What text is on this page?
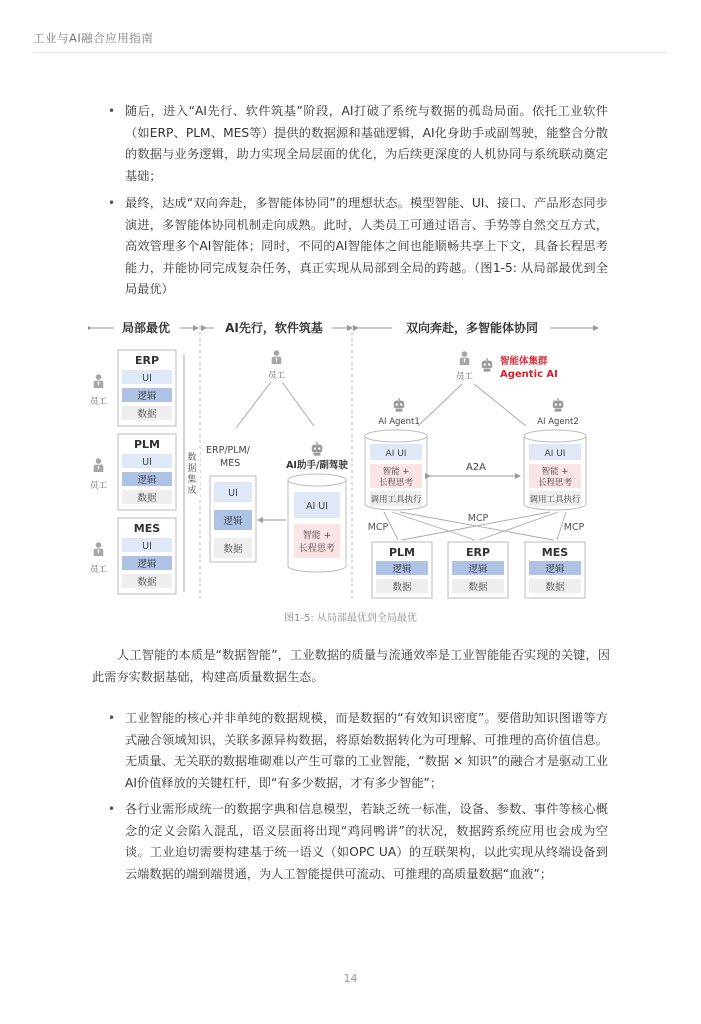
工业与AI融合应用指南

• 随后，进入“AI先行、软件筑基”阶段，AI打破了系统与数据的孤岛局面。依托工业软件（如ERP、PLM、MES等）提供的数据源和基础逻辑，AI化身助手或副驾驶，能整合分散的数据与业务逻辑，助力实现全局层面的优化，为后续更深度的人机协同与系统联动奠定基础；

• 最终，达成“双向奔赴，多智能体协同”的理想状态。模型智能、UI、接口、产品形态同步演进，多智能体协同机制走向成熟。此时，人类员工可通过语言、手势等自然交互方式，高效管理多个AI智能体；同时，不同的AI智能体之间也能顺畅共享上下文，具备长程思考能力，并能协同完成复杂任务，真正实现从局部到全局的跨越。（图1-5: 从局部最优到全局最优）

局部最优	AI先行，软件筑基	双向奔赴，多智能体协同
ERP
UI
逻辑
数据
PLM
UI
逻辑
数据
MES
UI
逻辑
数据
员工
员工
员工
数
据
集
成
员工
ERP/PLM/
MES
UI
逻辑
数据
AI助手/副驾驶
AI UI
智能 +
长程思考
员工
智能体集群
Agentic AI
AI Agent1	AI Agent2
AI UI
智能 +
长程思考
调用工具执行
AI UI
智能 +
长程思考
调用工具执行
A2A
MCP
MCP
MCP
PLM
逻辑
数据
ERP
逻辑
数据
MES
逻辑
数据
图1-5: 从局部最优到全局最优
人工智能的本质是“数据智能”，工业数据的质量与流通效率是工业智能能否实现的关键，因此需夯实数据基础，构建高质量数据生态。

• 工业智能的核心并非单纯的数据规模，而是数据的“有效知识密度”。要借助知识图谱等方式融合领域知识，关联多源异构数据，将原始数据转化为可理解、可推理的高价值信息。无质量、无关联的数据堆砌难以产生可靠的工业智能，“数据 × 知识”的融合才是驱动工业AI价值释放的关键杠杆，即“有多少数据，才有多少智能”；

• 各行业需形成统一的数据字典和信息模型，若缺乏统一标准，设备、参数、事件等核心概念的定义会陷入混乱，语义层面将出现“鸡同鸭讲”的状况，数据跨系统应用也会成为空谈。工业迫切需要构建基于统一语义（如OPC UA）的互联架构，以此实现从终端设备到云端数据的端到端贯通，为人工智能提供可流动、可推理的高质量数据“血液”；

14
